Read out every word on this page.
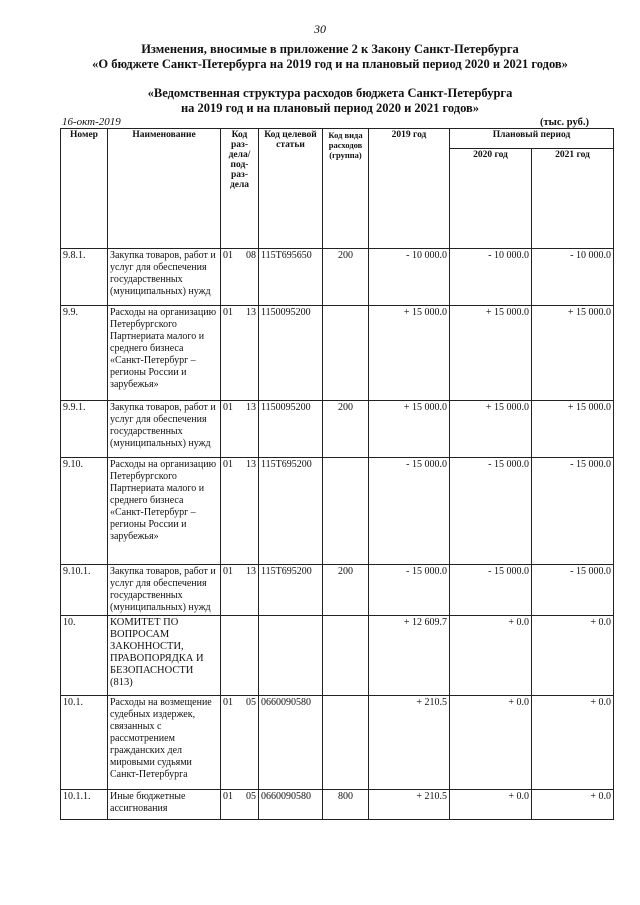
30
Изменения, вносимые в приложение 2 к Закону Санкт-Петербурга
«О бюджете Санкт-Петербурга на 2019 год и на плановый период 2020 и 2021 годов»
«Ведомственная структура расходов бюджета Санкт-Петербурга
на 2019 год и на плановый период 2020 и 2021 годов»
16-окт-2019	(тыс. руб.)
Номер	Наименование	Код раз- дела/ под- раз- дела		Код целевой статьи	Код вида расходов (группа)	2019 год	Плановый период	
							2020 год	2021 год
9.8.1.	Закупка товаров, работ и услуг для обеспечения государственных (муниципальных) нужд	01	08	115Т695650	200	- 10 000.0	- 10 000.0	- 10 000.0
9.9.	Расходы на организацию Петербургского Партнериата малого и среднего бизнеса «Санкт-Петербург – регионы России и зарубежья»	01	13	1150095200		+ 15 000.0	+ 15 000.0	+ 15 000.0
9.9.1.	Закупка товаров, работ и услуг для обеспечения государственных (муниципальных) нужд	01	13	1150095200	200	+ 15 000.0	+ 15 000.0	+ 15 000.0
9.10.	Расходы на организацию Петербургского Партнериата малого и среднего бизнеса «Санкт-Петербург – регионы России и зарубежья»	01	13	115Т695200		- 15 000.0	- 15 000.0	- 15 000.0
9.10.1.	Закупка товаров, работ и услуг для обеспечения государственных (муниципальных) нужд	01	13	115Т695200	200	- 15 000.0	- 15 000.0	- 15 000.0
10.	КОМИТЕТ ПО ВОПРОСАМ ЗАКОННОСТИ, ПРАВОПОРЯДКА И БЕЗОПАСНОСТИ (813)					+ 12 609.7	+ 0.0	+ 0.0
10.1.	Расходы на возмещение судебных издержек, связанных с рассмотрением гражданских дел мировыми судьями Санкт-Петербурга	01	05	0660090580		+ 210.5	+ 0.0	+ 0.0
10.1.1.	Иные бюджетные ассигнования	01	05	0660090580	800	+ 210.5	+ 0.0	+ 0.0
